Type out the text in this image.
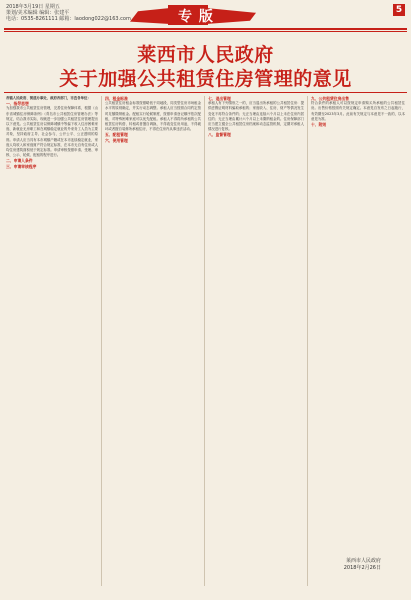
2018年3月19日 星期五
策划/美术编辑 编辑：张建平
电话：0535-8261111 邮箱：laodong022@163.com	专 版	5
莱西市人民政府
关于加强公共租赁住房管理的意见

各镇人民政府、街道办事处，政府各部门，市直各单位：

一、指导思想

为加强我市公共租赁住房管理，完善住房保障体系，根据《山东省城镇住房保障条例》《青岛市公共租赁住房管理办法》等规定，结合我市实际，现就进一步加强公共租赁住房管理提出以下意见。公共租赁住房以保障城镇中等偏下收入住房困难家庭、新就业无房职工和在城镇稳定就业的外来务工人员为主要对象，坚持政府主导、社会参与、公开公平、公正透明的原则。申请人应当具有本市城镇户籍或在本市连续稳定就业，家庭人均收入和家庭财产符合规定标准，在本市无自有住房或人均住房建筑面积低于规定标准。申请审核按照申请、受理、审核、公示、轮候、配租的程序进行。

二、申请人条件

三、申请审核程序

四、租金标准

公共租赁住房租金标准按照略低于同地段、同类型住房市场租金水平的原则确定，并实行动态调整。承租人应当按照合同约定按时足额缴纳租金。配租实行轮候制度，按照申请登记顺序依次配租，对特殊困难家庭可以优先配租。承租人不得将所承租的公共租赁住房转借、转租或者擅自调换，不得改变住房用途，不得破坏或者擅自装修所承租住房，不得在住房内从事违法活动。

五、配租管理

六、使用管理

七、退出管理

承租人有下列情形之一的，应当退出所承租的公共租赁住房：提供虚假证明材料骗取承租的；家庭收入、住房、财产等情况发生变化不再符合条件的；无正当理由连续六个月以上未在住房内居住的；无正当理由累计六个月以上未缴纳租金的。住房保障部门应当建立健全公共租赁住房档案和动态监管机制，定期对承租人情况进行复核。

八、监督管理

九、公共租赁住房出售

符合条件的承租人可以按规定申请购买所承租的公共租赁住房。出售价格按照有关规定确定。本意见自发布之日起施行，有效期至2023年3月。此前有关规定与本意见不一致的，以本意见为准。

十、附则

莱西市人民政府
2018年2月26日
